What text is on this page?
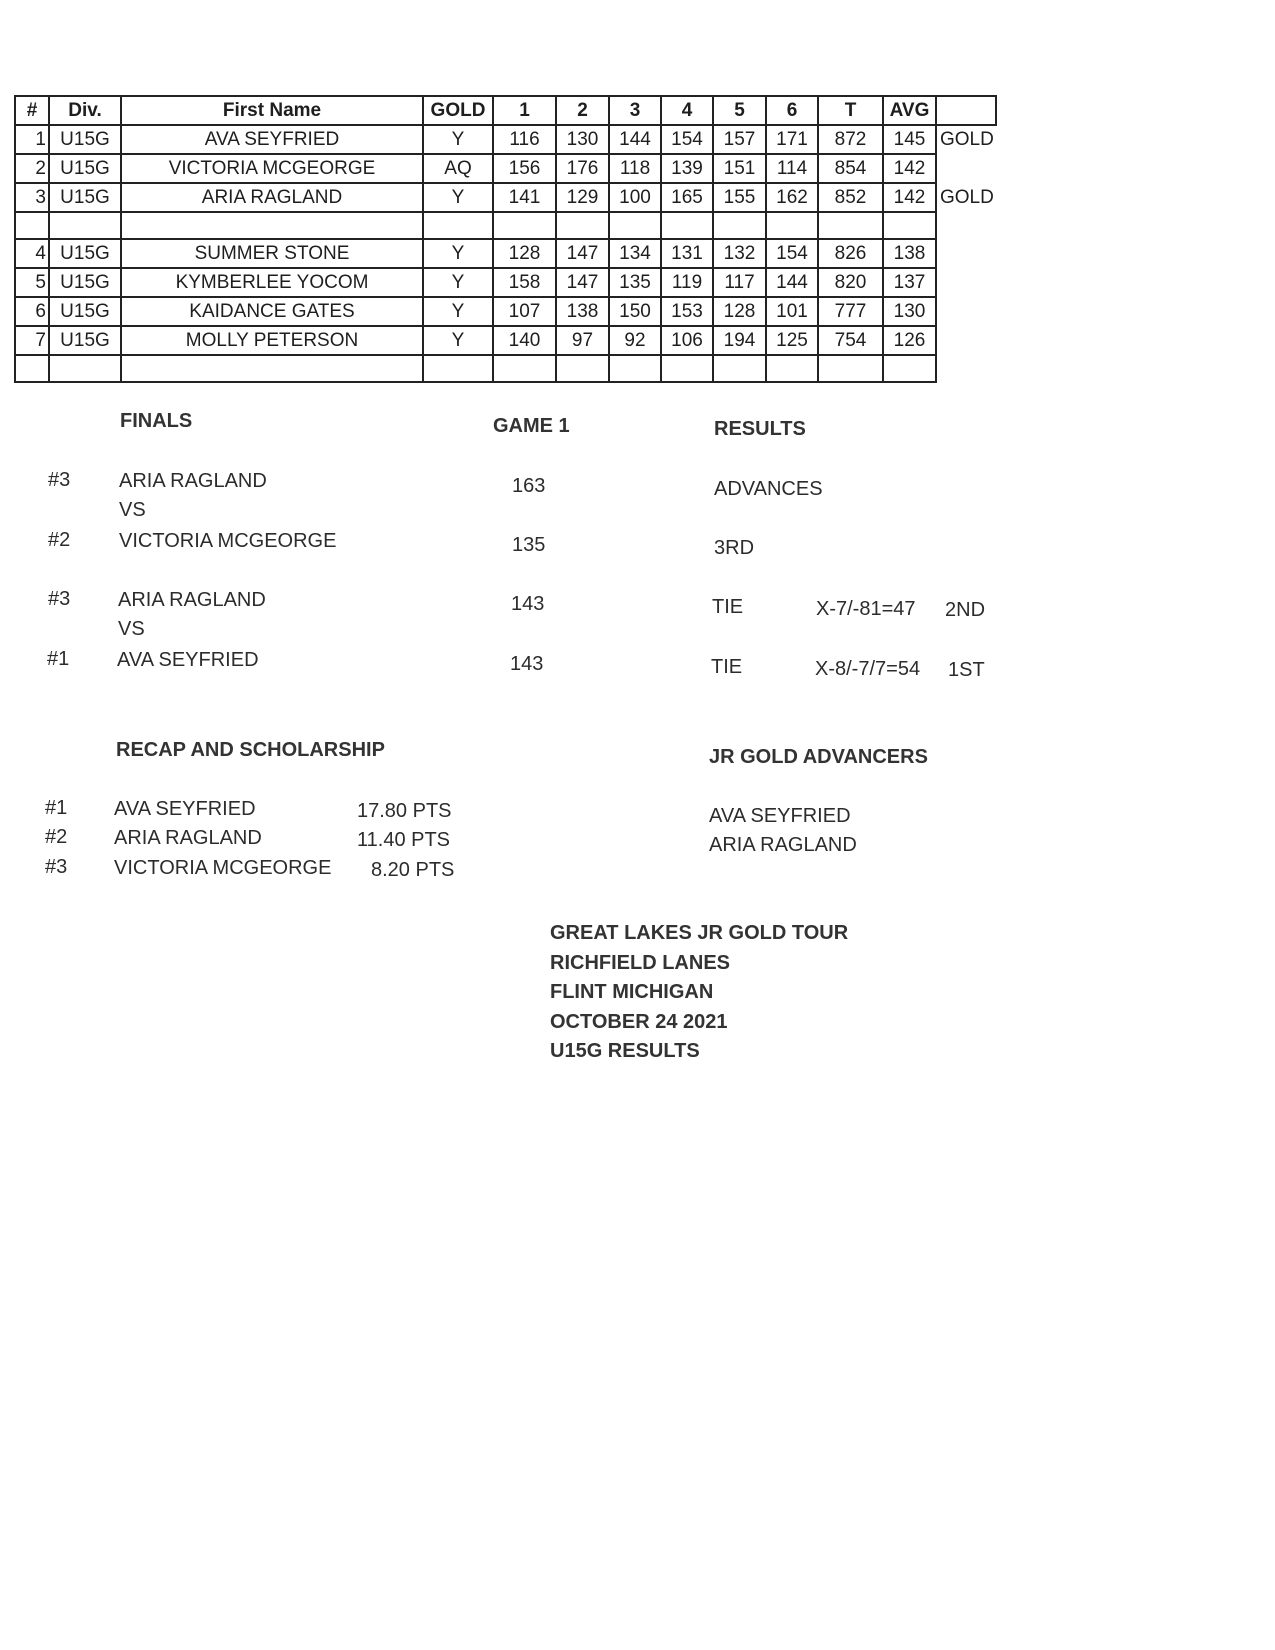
#	Div.	First Name	GOLD	1	2	3	4	5	6	T	AVG	
1	U15G	AVA SEYFRIED	Y	116	130	144	154	157	171	872	145	GOLD
2	U15G	VICTORIA MCGEORGE	AQ	156	176	118	139	151	114	854	142	
3	U15G	ARIA RAGLAND	Y	141	129	100	165	155	162	852	142	GOLD

4	U15G	SUMMER STONE	Y	128	147	134	131	132	154	826	138	
5	U15G	KYMBERLEE YOCOM	Y	158	147	135	119	117	144	820	137	
6	U15G	KAIDANCE GATES	Y	107	138	150	153	128	101	777	130	
7	U15G	MOLLY PETERSON	Y	140	97	92	106	194	125	754	126	

FINALS	GAME 1	RESULTS
#3 ARIA RAGLAND	163	ADVANCES
VS
#2 VICTORIA MCGEORGE	135	3RD
#3 ARIA RAGLAND	143	TIE	X-7/-81=47 2ND
VS
#1 AVA SEYFRIED	143	TIE	X-8/-7/7=54 1ST
RECAP AND SCHOLARSHIP
#1 AVA SEYFRIED	17.80 PTS
#2 ARIA RAGLAND	11.40 PTS
#3 VICTORIA MCGEORGE 8.20 PTS
JR GOLD ADVANCERS
AVA SEYFRIED
ARIA RAGLAND
GREAT LAKES JR GOLD TOUR
RICHFIELD LANES
FLINT MICHIGAN
OCTOBER 24 2021
U15G RESULTS
